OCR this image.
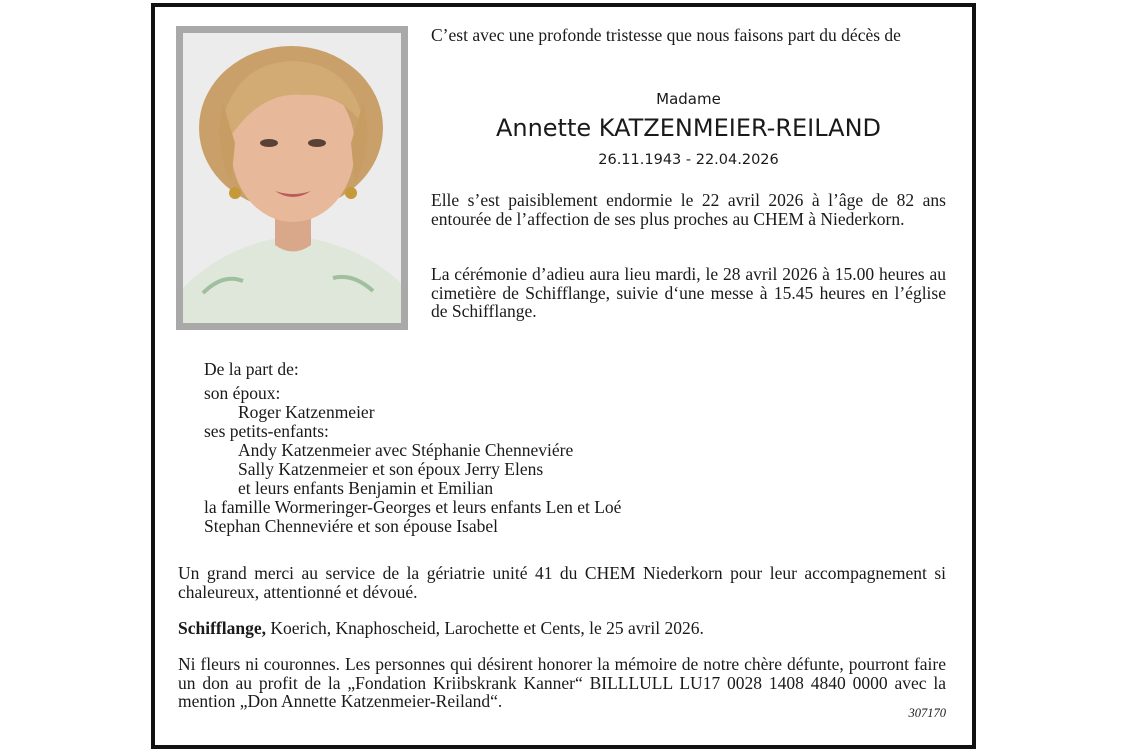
C’est avec une profonde tristesse que nous faisons part du décès de
Madame
Annette KATZENMEIER-REILAND
26.11.1943 - 22.04.2026
Elle s’est paisiblement endormie le 22 avril 2026 à l’âge de 82 ans entourée de l’affection de ses plus proches au CHEM à Niederkorn.
La cérémonie d’adieu aura lieu mardi, le 28 avril 2026 à 15.00 heures au cimetière de Schifflange, suivie d‘une messe à 15.45 heures en l’église de Schifflange.
De la part de:
son époux:
Roger Katzenmeier
ses petits-enfants:
Andy Katzenmeier avec Stéphanie Chenneviére
Sally Katzenmeier et son époux Jerry Elens
et leurs enfants Benjamin et Emilian
la famille Wormeringer-Georges et leurs enfants Len et Loé
Stephan Chenneviére et son épouse Isabel
Un grand merci au service de la gériatrie unité 41 du CHEM Niederkorn pour leur accompagnement si chaleureux, attentionné et dévoué.
Schifflange, Koerich, Knaphoscheid, Larochette et Cents, le 25 avril 2026.
Ni fleurs ni couronnes. Les personnes qui désirent honorer la mémoire de notre chère défunte, pourront faire un don au profit de la „Fondation Kriibskrank Kanner“ BILLLULL LU17 0028 1408 4840 0000 avec la mention „Don Annette Katzenmeier-Reiland“.
307170
